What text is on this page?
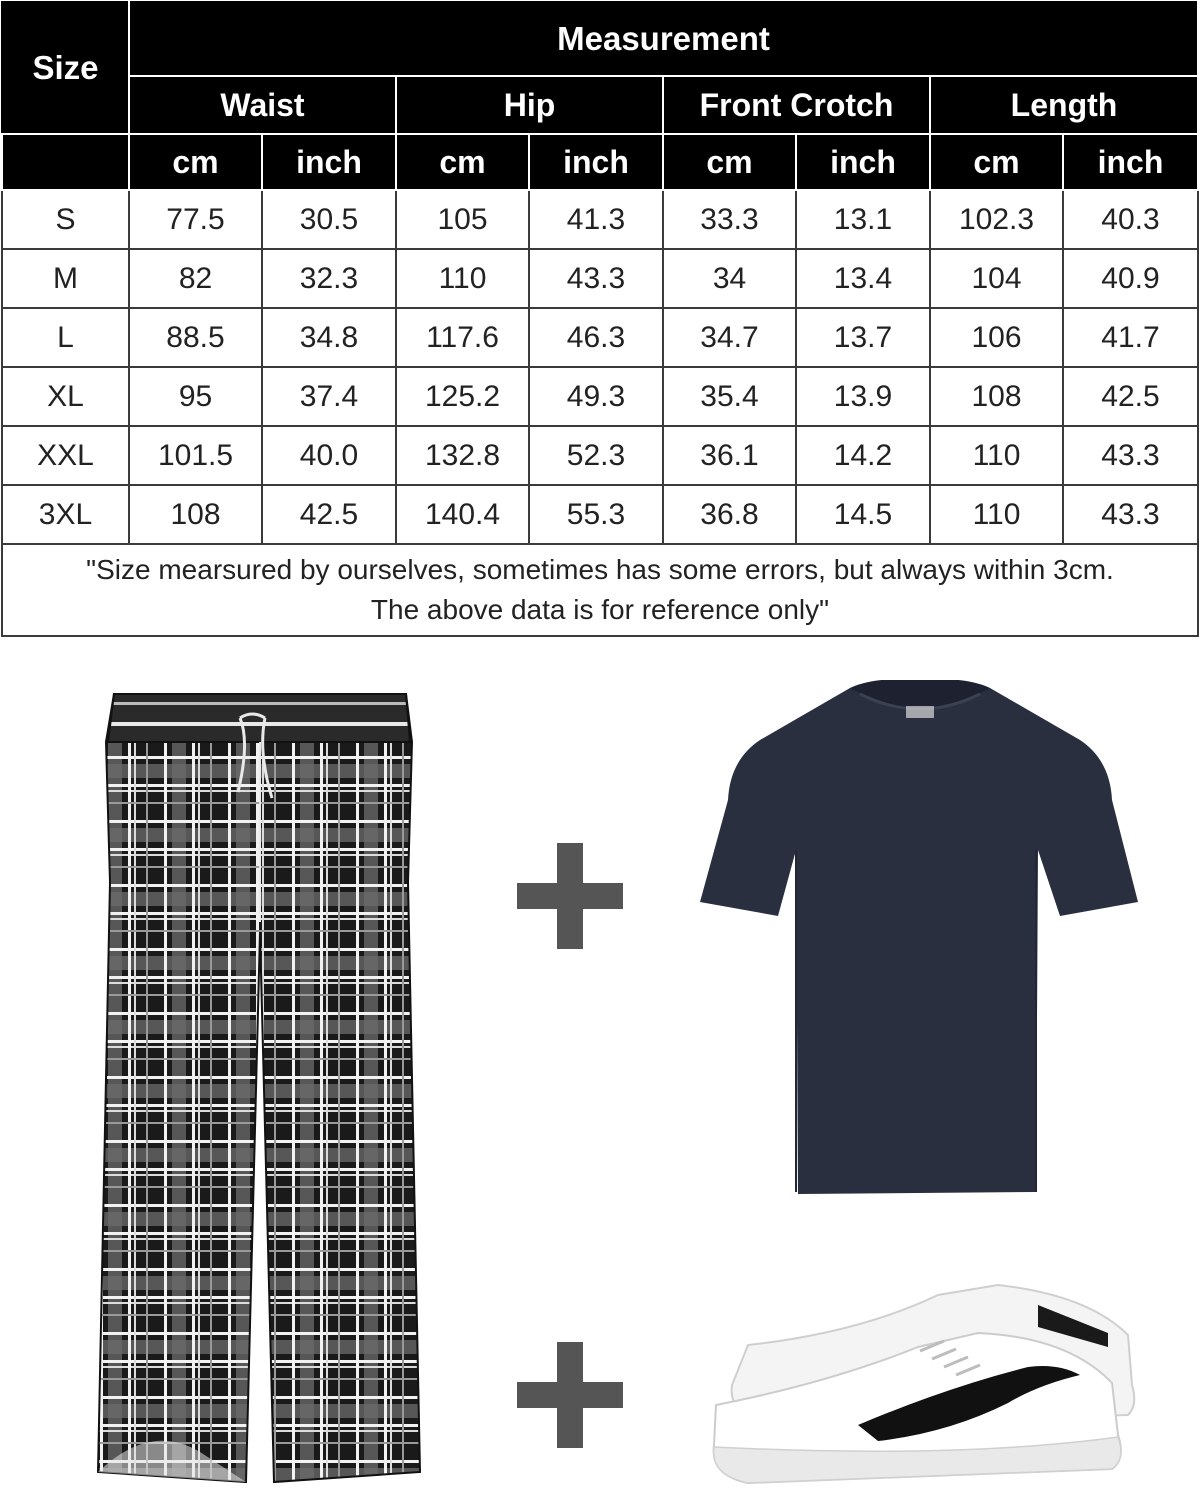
Size	Measurement							
	Waist		Hip		Front Crotch		Length	
	cm	inch	cm	inch	cm	inch	cm	inch
S	77.5	30.5	105	41.3	33.3	13.1	102.3	40.3
M	82	32.3	110	43.3	34	13.4	104	40.9
L	88.5	34.8	117.6	46.3	34.7	13.7	106	41.7
XL	95	37.4	125.2	49.3	35.4	13.9	108	42.5
XXL	101.5	40.0	132.8	52.3	36.1	14.2	110	43.3
3XL	108	42.5	140.4	55.3	36.8	14.5	110	43.3
"Size mearsured by ourselves, sometimes has some errors, but always within 3cm.
The above data is for reference only"								
